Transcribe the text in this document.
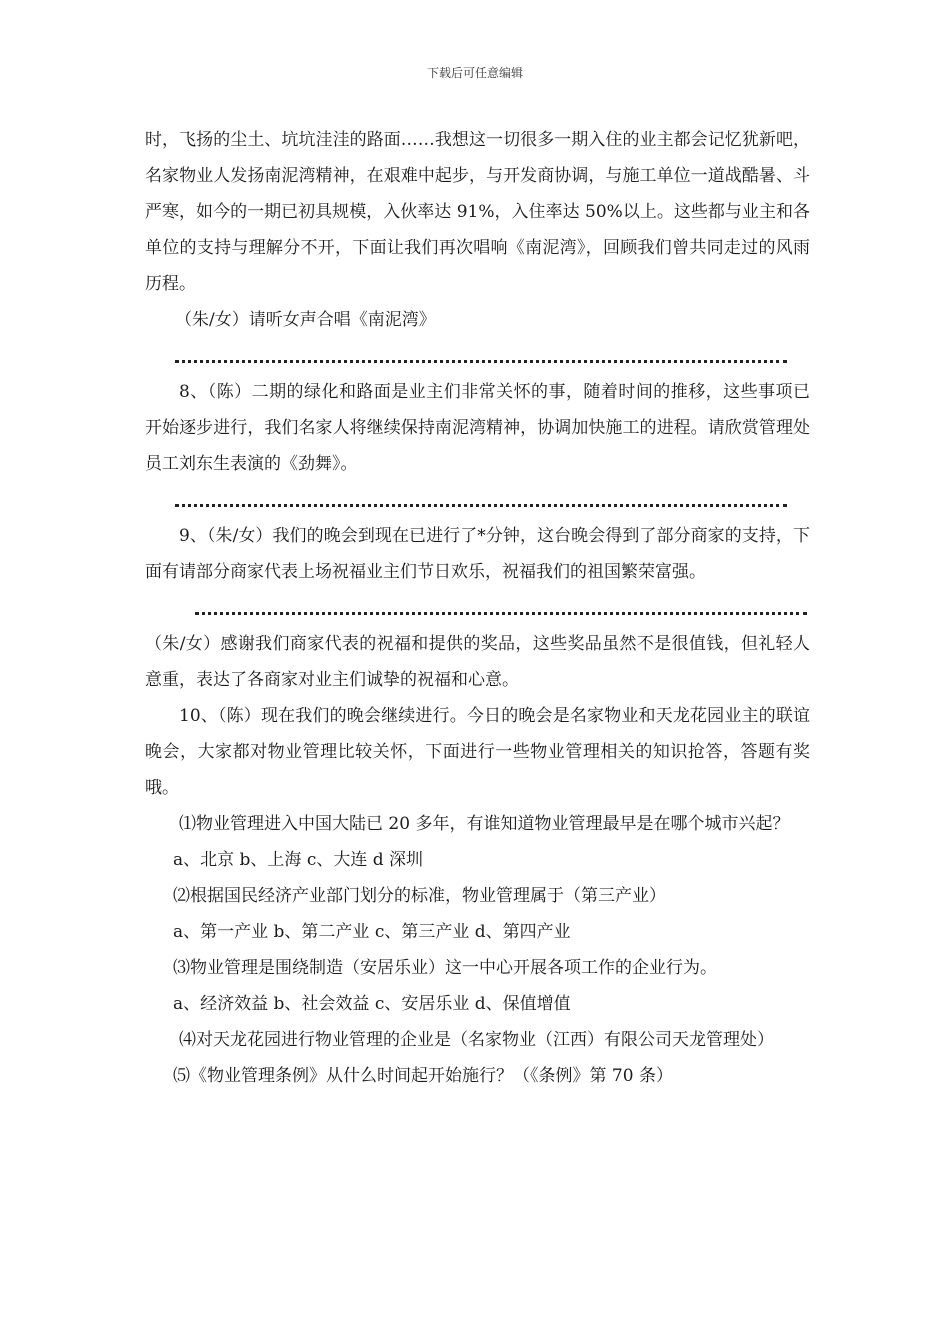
下载后可任意编辑

时，飞扬的尘土、坑坑洼洼的路面……我想这一切很多一期入住的业主都会记忆犹新吧，名家物业人发扬南泥湾精神，在艰难中起步，与开发商协调，与施工单位一道战酷暑、斗严寒，如今的一期已初具规模，入伙率达 91%，入住率达 50%以上。这些都与业主和各单位的支持与理解分不开，下面让我们再次唱响《南泥湾》，回顾我们曾共同走过的风雨历程。

（朱/女）请听女声合唱《南泥湾》

8、（陈）二期的绿化和路面是业主们非常关怀的事，随着时间的推移，这些事项已开始逐步进行，我们名家人将继续保持南泥湾精神，协调加快施工的进程。请欣赏管理处员工刘东生表演的《劲舞》。

9、（朱/女）我们的晚会到现在已进行了*分钟，这台晚会得到了部分商家的支持，下面有请部分商家代表上场祝福业主们节日欢乐，祝福我们的祖国繁荣富强。

（朱/女）感谢我们商家代表的祝福和提供的奖品，这些奖品虽然不是很值钱，但礼轻人意重，表达了各商家对业主们诚挚的祝福和心意。

10、（陈）现在我们的晚会继续进行。今日的晚会是名家物业和天龙花园业主的联谊晚会，大家都对物业管理比较关怀，下面进行一些物业管理相关的知识抢答，答题有奖哦。

⑴物业管理进入中国大陆已 20 多年，有谁知道物业管理最早是在哪个城市兴起？

a、北京 b、上海 c、大连 d 深圳

⑵根据国民经济产业部门划分的标准，物业管理属于（第三产业）

a、第一产业 b、第二产业 c、第三产业 d、第四产业

⑶物业管理是围绕制造（安居乐业）这一中心开展各项工作的企业行为。

a、经济效益 b、社会效益 c、安居乐业 d、保值增值

⑷对天龙花园进行物业管理的企业是（名家物业（江西）有限公司天龙管理处）

⑸《物业管理条例》从什么时间起开始施行？（《条例》第 70 条）
